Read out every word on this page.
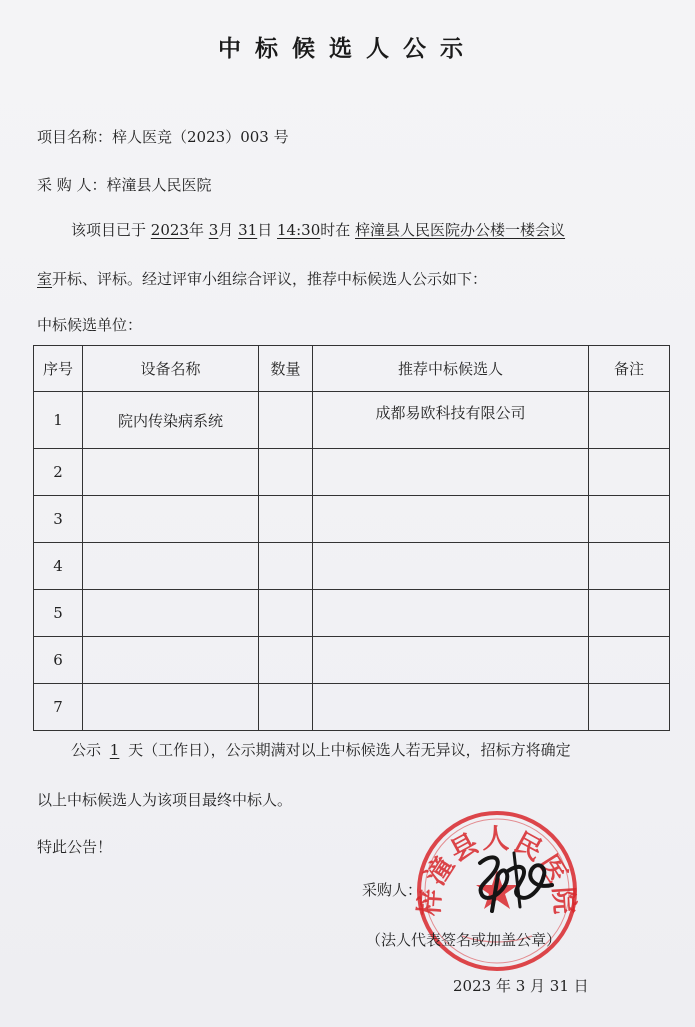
中标候选人公示
项目名称：梓人医竞（2023）003 号
采 购 人：梓潼县人民医院
该项目已于 2023年 3月 31日 14:30时在 梓潼县人民医院办公楼一楼会议
室开标、评标。经过评审小组综合评议，推荐中标候选人公示如下：
中标候选单位：
序号	设备名称	数量	推荐中标候选人	备注
1	院内传染病系统		成都易欧科技有限公司	
2				
3				
4				
5				
6				
7				
公示 1 天（工作日），公示期满对以上中标候选人若无异议，招标方将确定
以上中标候选人为该项目最终中标人。
特此公告！
梓潼县人民医院
采购人：
（法人代表签名或加盖公章）
2023 年 3 月 31 日
